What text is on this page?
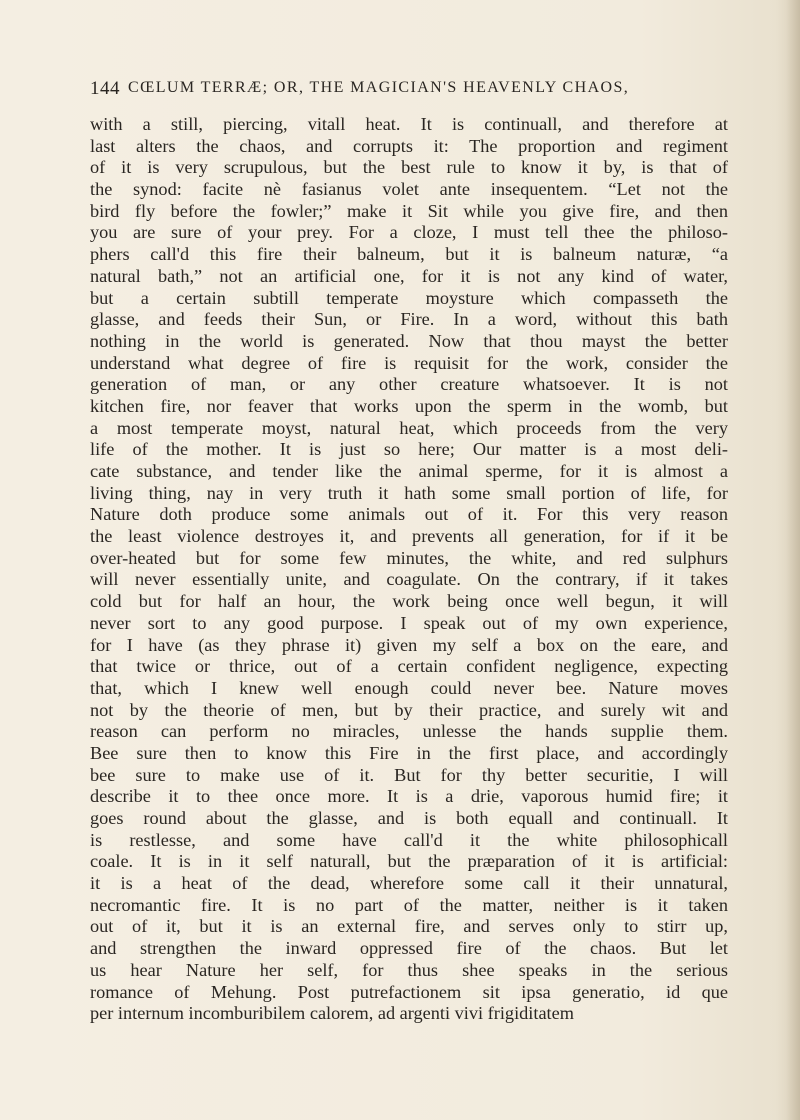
144 CŒLUM TERRÆ; OR, THE MAGICIAN'S HEAVENLY CHAOS,
with a still, piercing, vitall heat. It is continuall, and therefore at
last alters the chaos, and corrupts it: The proportion and regiment
of it is very scrupulous, but the best rule to know it by, is that of
the synod: facite nè fasianus volet ante insequentem. “Let not the
bird fly before the fowler;” make it Sit while you give fire, and then
you are sure of your prey. For a cloze, I must tell thee the philoso-
phers call'd this fire their balneum, but it is balneum naturæ, “a
natural bath,” not an artificial one, for it is not any kind of water,
but a certain subtill temperate moysture which compasseth the
glasse, and feeds their Sun, or Fire. In a word, without this bath
nothing in the world is generated. Now that thou mayst the better
understand what degree of fire is requisit for the work, consider the
generation of man, or any other creature whatsoever. It is not
kitchen fire, nor feaver that works upon the sperm in the womb, but
a most temperate moyst, natural heat, which proceeds from the very
life of the mother. It is just so here; Our matter is a most deli-
cate substance, and tender like the animal sperme, for it is almost a
living thing, nay in very truth it hath some small portion of life, for
Nature doth produce some animals out of it. For this very reason
the least violence destroyes it, and prevents all generation, for if it be
over-heated but for some few minutes, the white, and red sulphurs
will never essentially unite, and coagulate. On the contrary, if it takes
cold but for half an hour, the work being once well begun, it will
never sort to any good purpose. I speak out of my own experience,
for I have (as they phrase it) given my self a box on the eare, and
that twice or thrice, out of a certain confident negligence, expecting
that, which I knew well enough could never bee. Nature moves
not by the theorie of men, but by their practice, and surely wit and
reason can perform no miracles, unlesse the hands supplie them.
Bee sure then to know this Fire in the first place, and accordingly
bee sure to make use of it. But for thy better securitie, I will
describe it to thee once more. It is a drie, vaporous humid fire; it
goes round about the glasse, and is both equall and continuall. It
is restlesse, and some have call'd it the white philosophicall
coale. It is in it self naturall, but the præparation of it is artificial:
it is a heat of the dead, wherefore some call it their unnatural,
necromantic fire. It is no part of the matter, neither is it taken
out of it, but it is an external fire, and serves only to stirr up,
and strengthen the inward oppressed fire of the chaos. But let
us hear Nature her self, for thus shee speaks in the serious
romance of Mehung. Post putrefactionem sit ipsa generatio, id que
per internum incomburibilem calorem, ad argenti vivi frigiditatem
